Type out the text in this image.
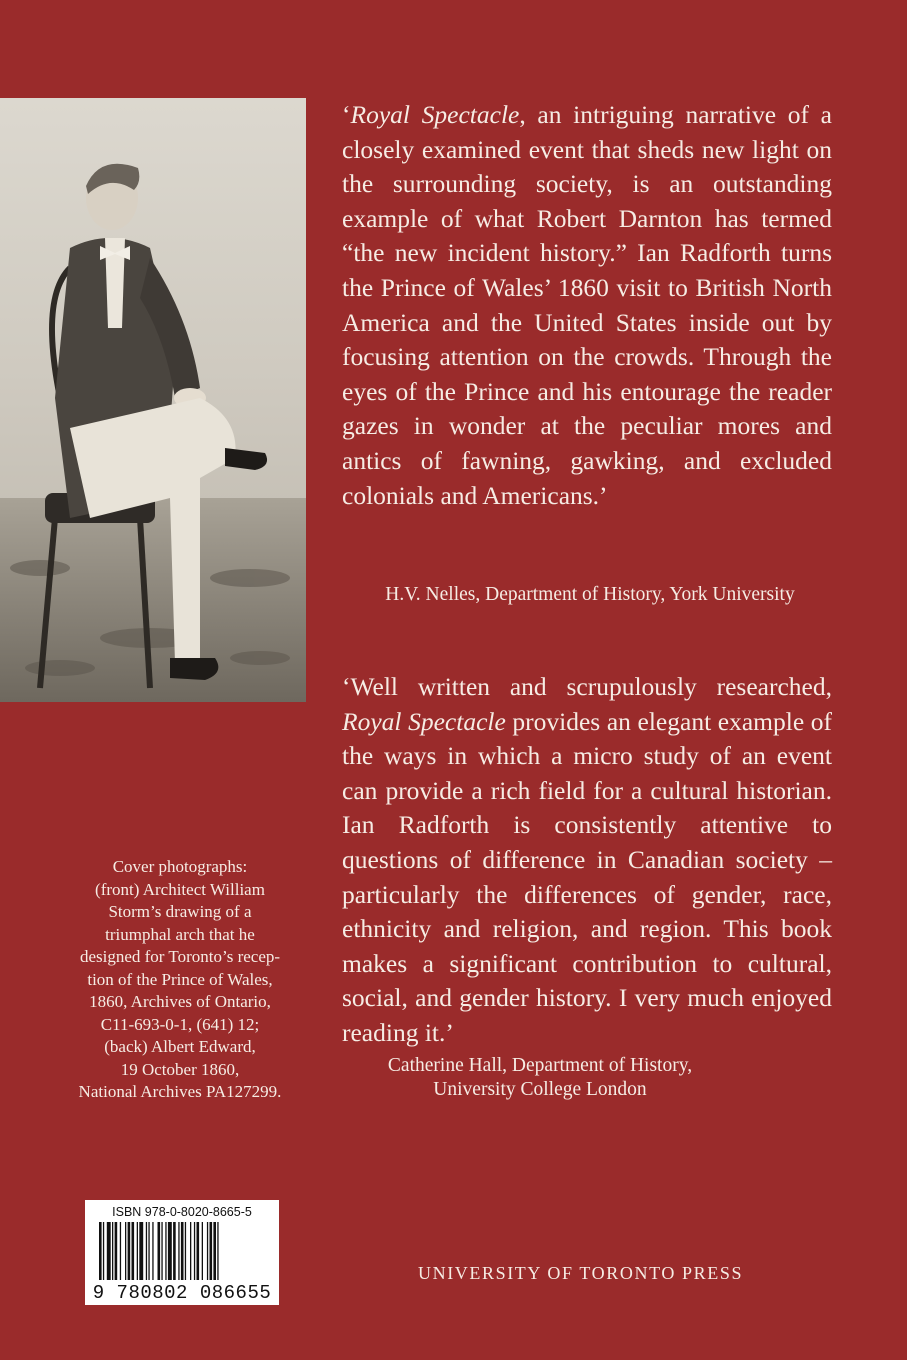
‘Royal Spectacle, an intriguing narrative of a closely examined event that sheds new light on the surrounding society, is an outstanding example of what Robert Darnton has termed “the new incident history.” Ian Radforth turns the Prince of Wales’ 1860 visit to British North America and the United States inside out by focusing attention on the crowds. Through the eyes of the Prince and his entourage the reader gazes in wonder at the peculiar mores and antics of fawning, gawking, and excluded colonials and Americans.’
H.V. Nelles, Department of History, York University
‘Well written and scrupulously researched, Royal Spectacle provides an elegant example of the ways in which a micro study of an event can provide a rich field for a cultural historian. Ian Radforth is consistently attentive to questions of difference in Canadian society – particularly the differences of gender, race, ethnicity and religion, and region. This book makes a significant contribution to cultural, social, and gender history. I very much enjoyed reading it.’
Catherine Hall, Department of History,
University College London
Cover photographs:
(front) Architect William
Storm’s drawing of a
triumphal arch that he
designed for Toronto’s recep-
tion of the Prince of Wales,
1860, Archives of Ontario,
C11-693-0-1, (641) 12;
(back) Albert Edward,
19 October 1860,
National Archives PA127299.
ISBN 978-0-8020-8665-5
9 780802 086655
UNIVERSITY OF TORONTO PRESS
